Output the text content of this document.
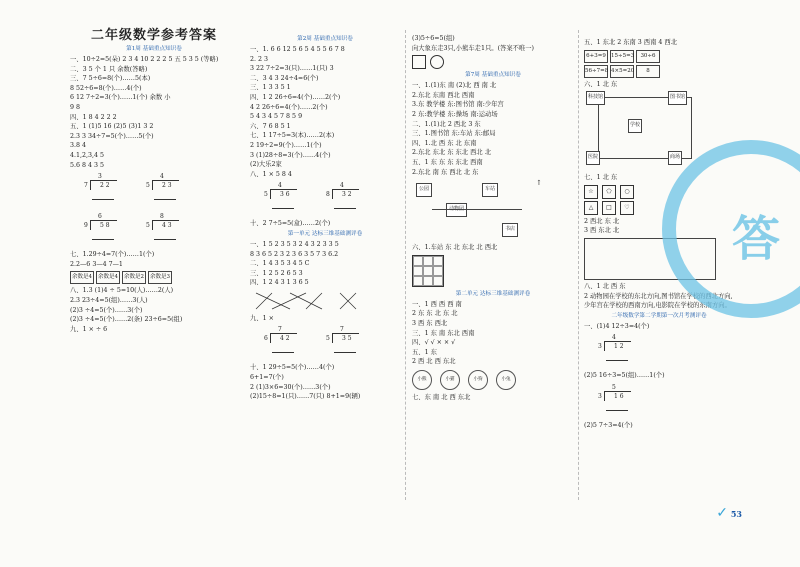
二年级数学参考答案
第1周 基础重点知识卷
一、10÷2=5(朵) 2 3 4 10 2 2 2 5 五 5 3 5 (等略)
二、3 5 个 1 只 余数(答略)
三、7 5÷6=8(个)……5(本)
8 52÷6=8(个)……4(个)
6 12 7÷2=3(个)……1(个) 余数 小
9 8
四、1 8 4 2 2 2
五、1 (1)5 16 (2)5 (3)1 3 2
2.3 3 34÷7=5(个)……5(个)
3.8 4
4.1,2,3,4 5
5.6 8 4 3 5
3
7 2 2

4
5 2 3
6
9 5 8

8
5 4 3
七、1.29÷4=7(个)……1(个)
2.2—6 3—4 7—1
余数是4	余数是4	余数是2	余数是3
八、1.3 (1)4 ÷ 5=10(人)……2(人)
2.3 23÷4=5(组)……3(人)
(2)3 ÷4=5(个)……3(个)
(2)3 ÷4=5(个)……2(条) 23÷6=5(组)
九、1 × ÷ 6
第2周 基础重点知识卷
一、1. 6 6 12 5 6 5 4 5 5 6 7 8
2. 2 3
3 22 7÷2=3(只)……1(只) 3
二、3 4 3 24÷4=6(个)
三、1 3 3 5 1
四、1 2 26÷6=4(个)……2(个)
4 2 26÷6=4(个)……2(个)
5 4 3 4 5 7 8 5 9
六、7 6 8 5 1
七、1 17÷5=3(本)……2(本)
2 19÷2=9(个)……1(个)
3 (1)28÷8=3(个)……4(个)
(2)大乐2家
八、1 × 5 8 4
4
5 3 6

4
8 3 2
十、2 7÷5=5(盒)……2(个)
第一单元 达标三维基础测评卷
一、1 5 2 3 5 3 2 4 3 2 3 3 5
8 3 6 5 2 3 2 3 6 3 5 7 3 6.2
二、1 4 3 5 3 4 5 C
三、1 2 5 2 6 5 3
四、1 2 4 3 1 3 6 5
九、1 ×
7
6 4 2

7
5 3 5
十、1 29÷5=5(个)……4(个)
6+1=7(个)
2 (1)3×6=30(个)……3(个)
(2)15÷8=1(只)……7(只) 8+1=9(辆)
(3)5÷6=5(组)
向大象东走3只,小熊车走1只。(答案不唯一)
第7周 基础重点知识卷
一、1.(1)东 南 (2)北 西 南 北
2.东北 东南 西北 西南
3.东 教学楼 东:图书馆 南:少年宫
2 东:教学楼 东:操场 南:运动场
二、1.(1)北 2 西北 3 东
三、1.图书馆 东:车站 东:邮局
四、1.北 西 东 北 东南
2.东北 东北 东 东北 西北 北
五、1 东 东 东 东北 西南
2.东北 南 东 西北 北 东
公园	车站
动物园
书店
↑
六、1.车站 东 北 东北 北 西北
第二单元 达标三维基础测评卷
一、1 西 西 西 南
2 东 东 北 东 北
3 西 东 西北
三、1 东 南 东北 西南
四、√ √ × × √
五、1 东
2 西 北 西 东北
小熊	小猫	小狗	小兔
七、东 南 北 西 东北
五、1 东北 2 东南 3 西南 4 西北
6+3=9 15÷5=3	30÷6
56÷7=8 4×5=20	8
六、1 北 东
科技馆	图书馆
学校
医院	商场
七、1 北 东
☆	⬠	○
△	□	♡
2 西北 东 北
3 西 东北 北
八、1 北 西 东
2 动物园在学校的东北方向,图书馆在学校的西北方向,
少年宫在学校的西南方向,电影院在学校的东南方向。
二年级数学第二学期第一次月考测评卷
一、(1)4 12÷3=4(个)
4
3 1 2
(2)5 16÷3=5(组)……1(个)
5
3 1 6
(2)5 7÷3=4(个)
答
✓ 53
